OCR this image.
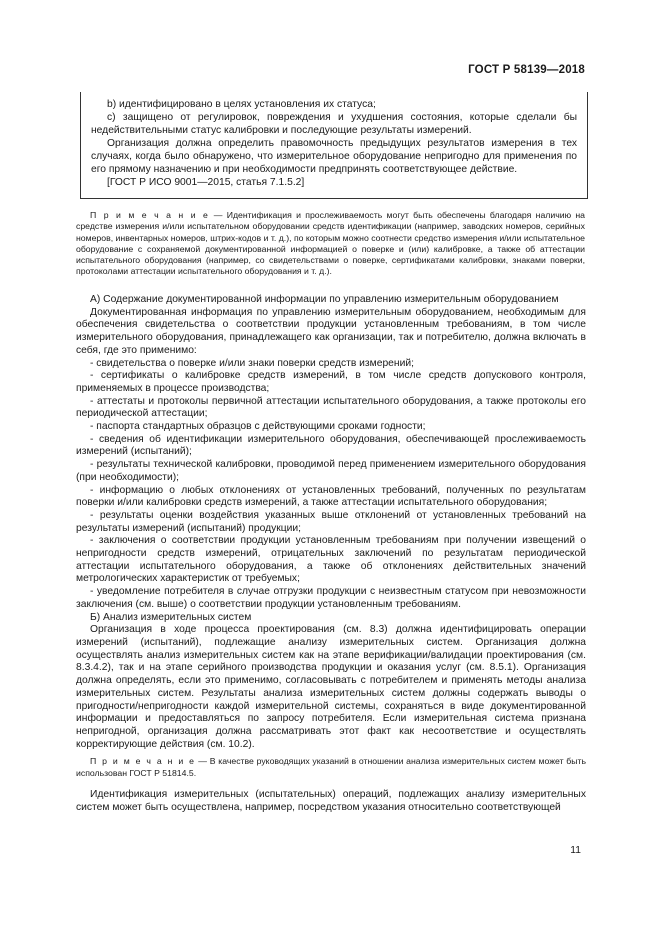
ГОСТ Р 58139—2018

b) идентифицировано в целях установления их статуса;

c) защищено от регулировок, повреждения и ухудшения состояния, которые сделали бы недействительными статус калибровки и последующие результаты измерений.

Организация должна определить правомочность предыдущих результатов измерения в тех случаях, когда было обнаружено, что измерительное оборудование непригодно для применения по его прямому назначению и при необходимости предпринять соответствующее действие.

[ГОСТ Р ИСО 9001—2015, статья 7.1.5.2]

П р и м е ч а н и е — Идентификация и прослеживаемость могут быть обеспечены благодаря наличию на средстве измерения и/или испытательном оборудовании средств идентификации (например, заводских номеров, серийных номеров, инвентарных номеров, штрих-кодов и т. д.), по которым можно соотнести средство измерения и/или испытательное оборудование с сохраняемой документированной информацией о поверке и (или) калибровке, а также об аттестации испытательного оборудования (например, со свидетельствами о поверке, сертификатами калибровки, знаками поверки, протоколами аттестации испытательного оборудования и т. д.).

А) Содержание документированной информации по управлению измерительным оборудованием

Документированная информация по управлению измерительным оборудованием, необходимым для обеспечения свидетельства о соответствии продукции установленным требованиям, в том числе измерительного оборудования, принадлежащего как организации, так и потребителю, должна включать в себя, где это применимо:

- свидетельства о поверке и/или знаки поверки средств измерений;

- сертификаты о калибровке средств измерений, в том числе средств допускового контроля, применяемых в процессе производства;

- аттестаты и протоколы первичной аттестации испытательного оборудования, а также протоколы его периодической аттестации;

- паспорта стандартных образцов с действующими сроками годности;

- сведения об идентификации измерительного оборудования, обеспечивающей прослеживаемость измерений (испытаний);

- результаты технической калибровки, проводимой перед применением измерительного оборудования (при необходимости);

- информацию о любых отклонениях от установленных требований, полученных по результатам поверки и/или калибровки средств измерений, а также аттестации испытательного оборудования;

- результаты оценки воздействия указанных выше отклонений от установленных требований на результаты измерений (испытаний) продукции;

- заключения о соответствии продукции установленным требованиям при получении извещений о непригодности средств измерений, отрицательных заключений по результатам периодической аттестации испытательного оборудования, а также об отклонениях действительных значений метрологических характеристик от требуемых;

- уведомление потребителя в случае отгрузки продукции с неизвестным статусом при невозможности заключения (см. выше) о соответствии продукции установленным требованиям.

Б) Анализ измерительных систем

Организация в ходе процесса проектирования (см. 8.3) должна идентифицировать операции измерений (испытаний), подлежащие анализу измерительных систем. Организация должна осуществлять анализ измерительных систем как на этапе верификации/валидации проектирования (см. 8.3.4.2), так и на этапе серийного производства продукции и оказания услуг (см. 8.5.1). Организация должна определять, если это применимо, согласовывать с потребителем и применять методы анализа измерительных систем. Результаты анализа измерительных систем должны содержать выводы о пригодности/непригодности каждой измерительной системы, сохраняться в виде документированной информации и предоставляться по запросу потребителя. Если измерительная система признана непригодной, организация должна рассматривать этот факт как несоответствие и осуществлять корректирующие действия (см. 10.2).

П р и м е ч а н и е — В качестве руководящих указаний в отношении анализа измерительных систем может быть использован ГОСТ Р 51814.5.

Идентификация измерительных (испытательных) операций, подлежащих анализу измерительных систем может быть осуществлена, например, посредством указания относительно соответствующей

11
